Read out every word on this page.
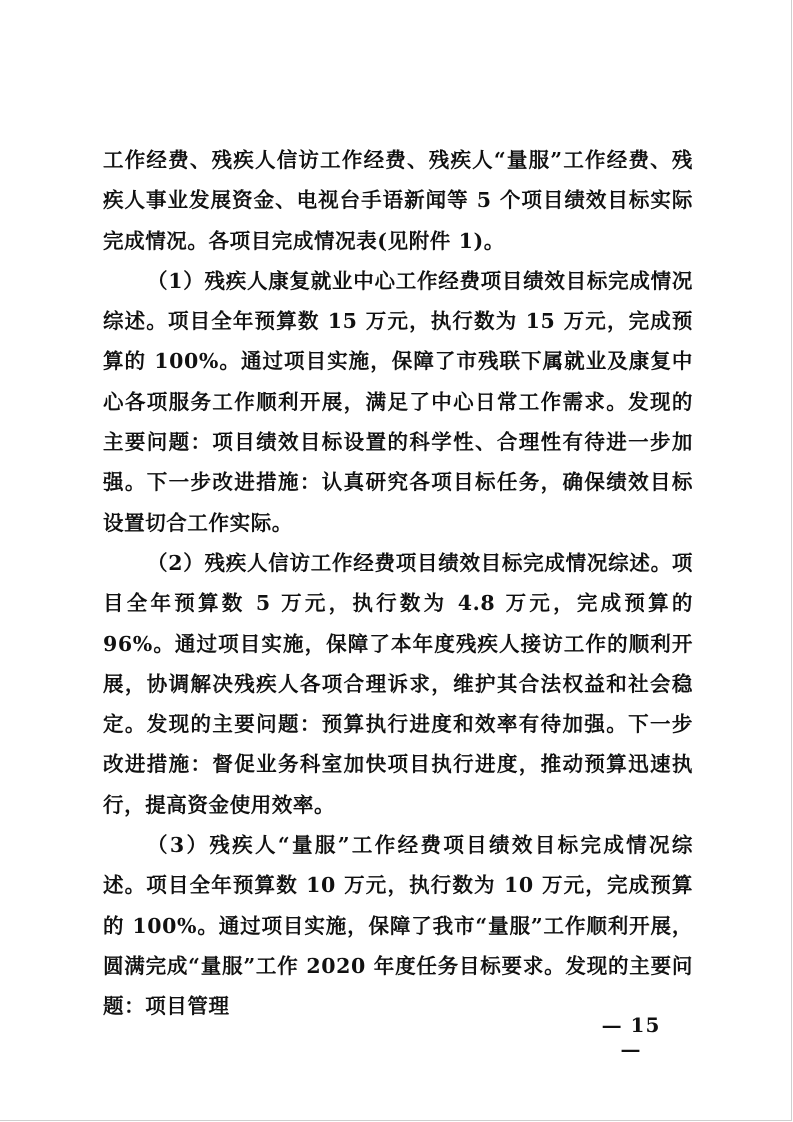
工作经费、残疾人信访工作经费、残疾人“量服”工作经费、残疾人事业发展资金、电视台手语新闻等 5 个项目绩效目标实际完成情况。各项目完成情况表(见附件 1)。

（1）残疾人康复就业中心工作经费项目绩效目标完成情况综述。项目全年预算数 15 万元，执行数为 15 万元，完成预算的 100%。通过项目实施，保障了市残联下属就业及康复中心各项服务工作顺利开展，满足了中心日常工作需求。发现的主要问题：项目绩效目标设置的科学性、合理性有待进一步加强。下一步改进措施：认真研究各项目标任务，确保绩效目标设置切合工作实际。

（2）残疾人信访工作经费项目绩效目标完成情况综述。项目全年预算数 5 万元，执行数为 4.8 万元，完成预算的 96%。通过项目实施，保障了本年度残疾人接访工作的顺利开展，协调解决残疾人各项合理诉求，维护其合法权益和社会稳定。发现的主要问题：预算执行进度和效率有待加强。下一步改进措施：督促业务科室加快项目执行进度，推动预算迅速执行，提高资金使用效率。

（3）残疾人“量服”工作经费项目绩效目标完成情况综述。项目全年预算数 10 万元，执行数为 10 万元，完成预算的 100%。通过项目实施，保障了我市“量服”工作顺利开展，圆满完成“量服”工作 2020 年度任务目标要求。发现的主要问题：项目管理

— 15 —
